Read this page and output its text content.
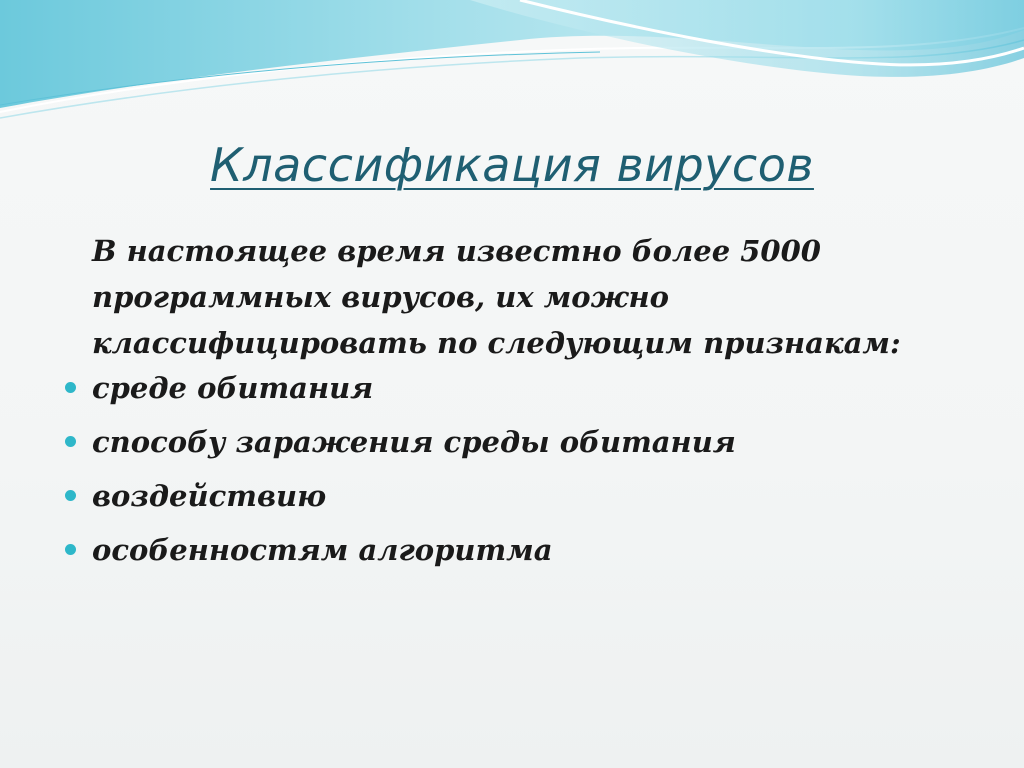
Классификация вирусов
В настоящее время известно более 5000 программных вирусов, их можно классифицировать по следующим признакам:
среде обитания
способу заражения среды обитания
воздействию
особенностям алгоритма
